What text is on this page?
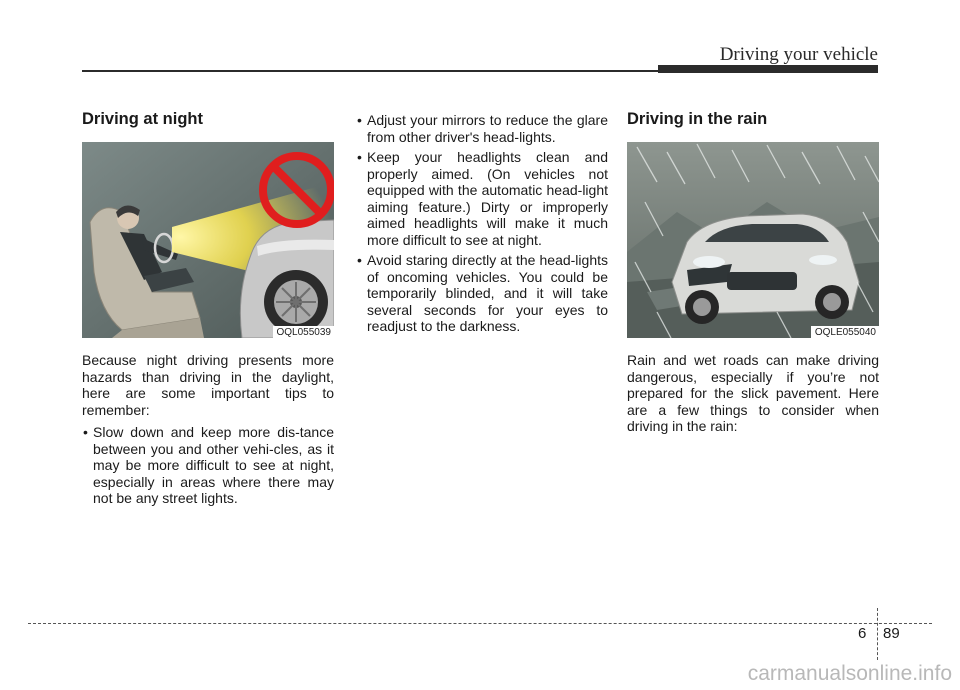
Driving your vehicle
Driving at night
OQL055039

Because night driving presents more hazards than driving in the daylight, here are some important tips to remember:

• Slow down and keep more dis-tance between you and other vehi-cles, as it may be more difficult to see at night, especially in areas where there may not be any street lights.
• Adjust your mirrors to reduce the glare from other driver's head-lights.
• Keep your headlights clean and properly aimed. (On vehicles not equipped with the automatic head-light aiming feature.) Dirty or improperly aimed headlights will make it much more difficult to see at night.
• Avoid staring directly at the head-lights of oncoming vehicles. You could be temporarily blinded, and it will take several seconds for your eyes to readjust to the darkness.
Driving in the rain
OQLE055040

Rain and wet roads can make driving dangerous, especially if you’re not prepared for the slick pavement. Here are a few things to consider when driving in the rain:

6 89
carmanualsonline.info
